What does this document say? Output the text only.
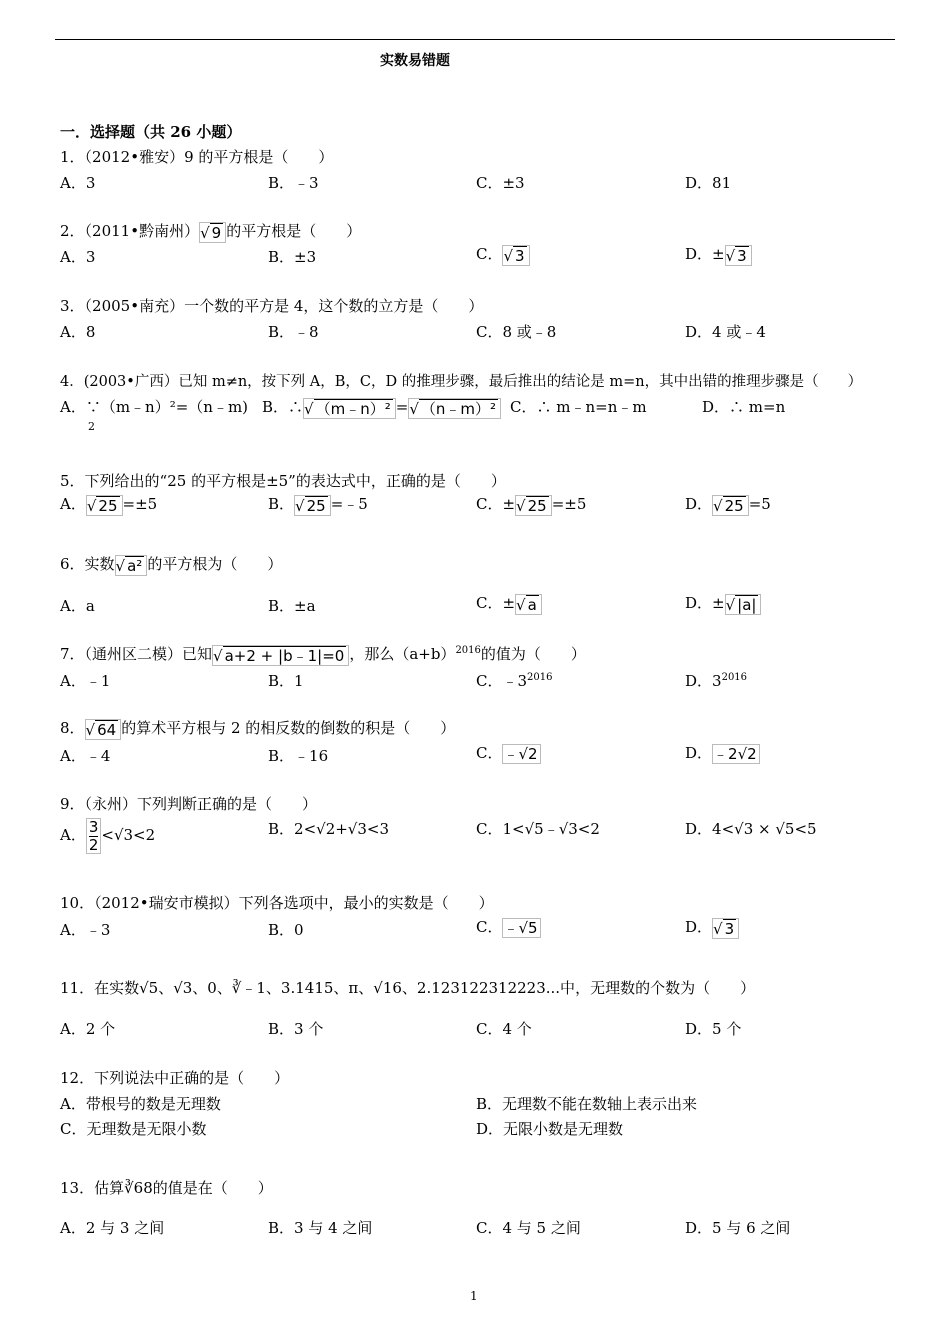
实数易错题
一．选择题（共 26 小题）
1．（2012•雅安）9 的平方根是（　　）
A．3	B．﹣3	C．±3	D．81
2．（2011•黔南州）√ 9 的平方根是（　　）
A．3	B．±3	C．√ 3	D．±√ 3
3．（2005•南充）一个数的平方是 4，这个数的立方是（　　）
A．8	B．﹣8	C．8 或﹣8	D．4 或﹣4
4．(2003•广西）已知 m≠n，按下列 A，B，C，D 的推理步骤，最后推出的结论是 m=n，其中出错的推理步骤是（　　）
A．∵（m﹣n）²=（n﹣m)
2
B．∴√ （m﹣n）² =√ （n﹣m）² C．∴ m﹣n=n﹣m	D．∴ m=n
5．下列给出的“25 的平方根是±5”的表达式中，正确的是（　　）
A．√ 25 =±5	B．√ 25 =﹣5	C．±√ 25 =±5	D．√ 25 =5
6．实数√ a² 的平方根为（　　）
A．a	B．±a	C．±√ a	D．±√ |a|
7．（通州区二模）已知√ a+2 + |b﹣1|=0 ，那么$(a+b)^{2016}$的值为（　　）
A．﹣1	B．1	C．$﹣3^{2016}$	D．$3^{2016}$
8．√ 64 的算术平方根与 2 的相反数的倒数的积是（　　）
A．﹣4	B．﹣16	C．﹣√2	D．﹣2√2
9．（永州）下列判断正确的是（　　）
A． $\frac{3}{2} <√3<2$	B．2<√2+√3<3	C．1<√5﹣√3<2	D．4<√3 × √5<5
10．（2012•瑞安市模拟）下列各选项中，最小的实数是（　　）
A．﹣3	B．0	C．﹣√5	D．√ 3
11．在实数√5、√3、0、∛﹣1、3.1415、π、√16、2.123122312223...中，无理数的个数为（　　）
A．2 个	B．3 个	C．4 个	D．5 个
12．下列说法中正确的是（　　）
A．带根号的数是无理数	B．无理数不能在数轴上表示出来
C．无理数是无限小数	D．无限小数是无理数
13．估算∛68的值是在（　　）
A．2 与 3 之间	B．3 与 4 之间	C．4 与 5 之间	D．5 与 6 之间
1
